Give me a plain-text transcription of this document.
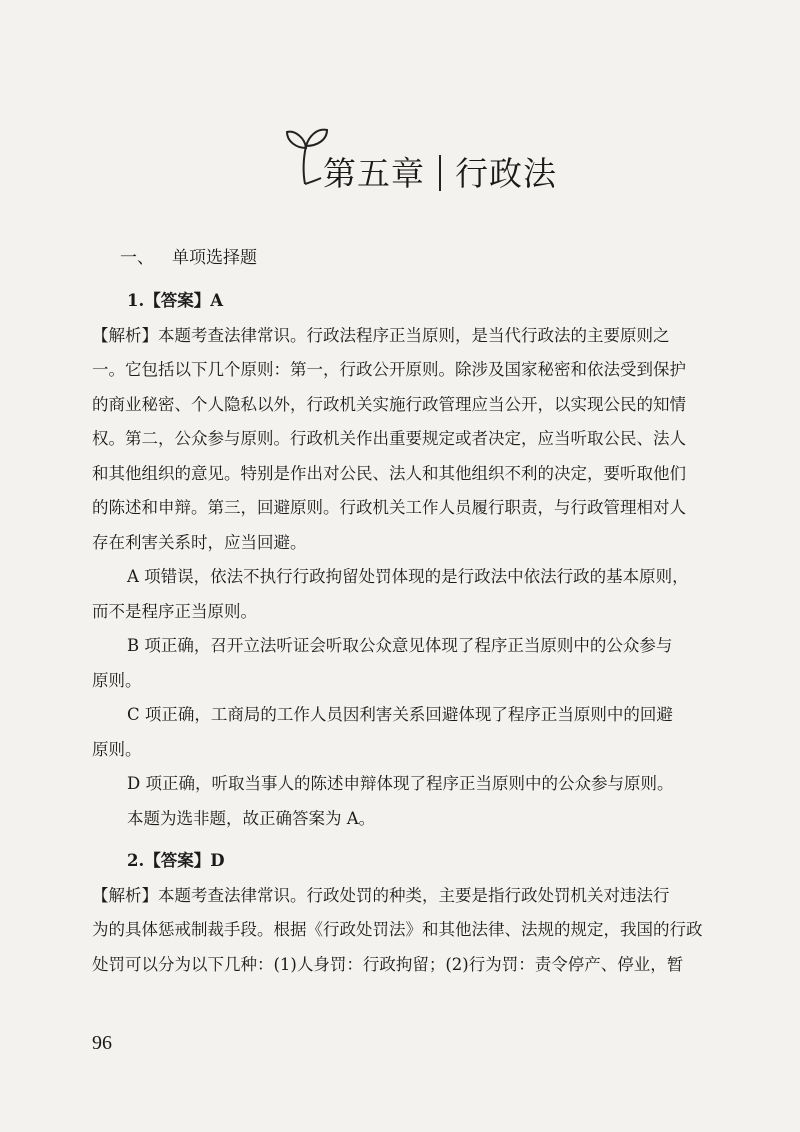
第五章 行政法
一、 单项选择题
1.【答案】A
【解析】本题考查法律常识。行政法程序正当原则，是当代行政法的主要原则之
一。它包括以下几个原则：第一，行政公开原则。除涉及国家秘密和依法受到保护
的商业秘密、个人隐私以外，行政机关实施行政管理应当公开，以实现公民的知情
权。第二，公众参与原则。行政机关作出重要规定或者决定，应当听取公民、法人
和其他组织的意见。特别是作出对公民、法人和其他组织不利的决定，要听取他们
的陈述和申辩。第三，回避原则。行政机关工作人员履行职责，与行政管理相对人
存在利害关系时，应当回避。
A 项错误，依法不执行行政拘留处罚体现的是行政法中依法行政的基本原则，
而不是程序正当原则。
B 项正确，召开立法听证会听取公众意见体现了程序正当原则中的公众参与
原则。
C 项正确，工商局的工作人员因利害关系回避体现了程序正当原则中的回避
原则。
D 项正确，听取当事人的陈述申辩体现了程序正当原则中的公众参与原则。
本题为选非题，故正确答案为 A。
2.【答案】D
【解析】本题考查法律常识。行政处罚的种类，主要是指行政处罚机关对违法行
为的具体惩戒制裁手段。根据《行政处罚法》和其他法律、法规的规定，我国的行政
处罚可以分为以下几种：(1)人身罚：行政拘留；(2)行为罚：责令停产、停业，暂
96
